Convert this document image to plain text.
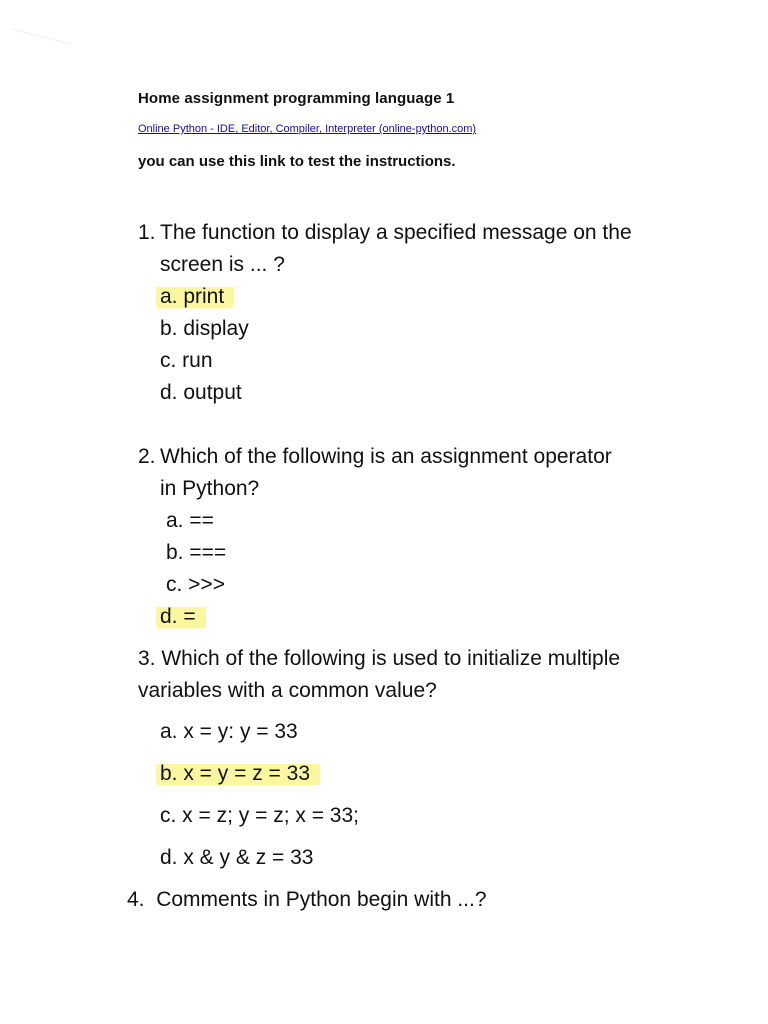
Home assignment programming language 1
Online Python - IDE, Editor, Compiler, Interpreter (online-python.com)
you can use this link to test the instructions.
1. The function to display a specified message on the
screen is ... ?
a. print
b. display
c. run
d. output
2. Which of the following is an assignment operator
in Python?
a. ==
b. ===
c. >>>
d. =
3. Which of the following is used to initialize multiple
variables with a common value?
a. x = y: y = 33
b. x = y = z = 33
c. x = z; y = z; x = 33;
d. x & y & z = 33
4. Comments in Python begin with ...?
